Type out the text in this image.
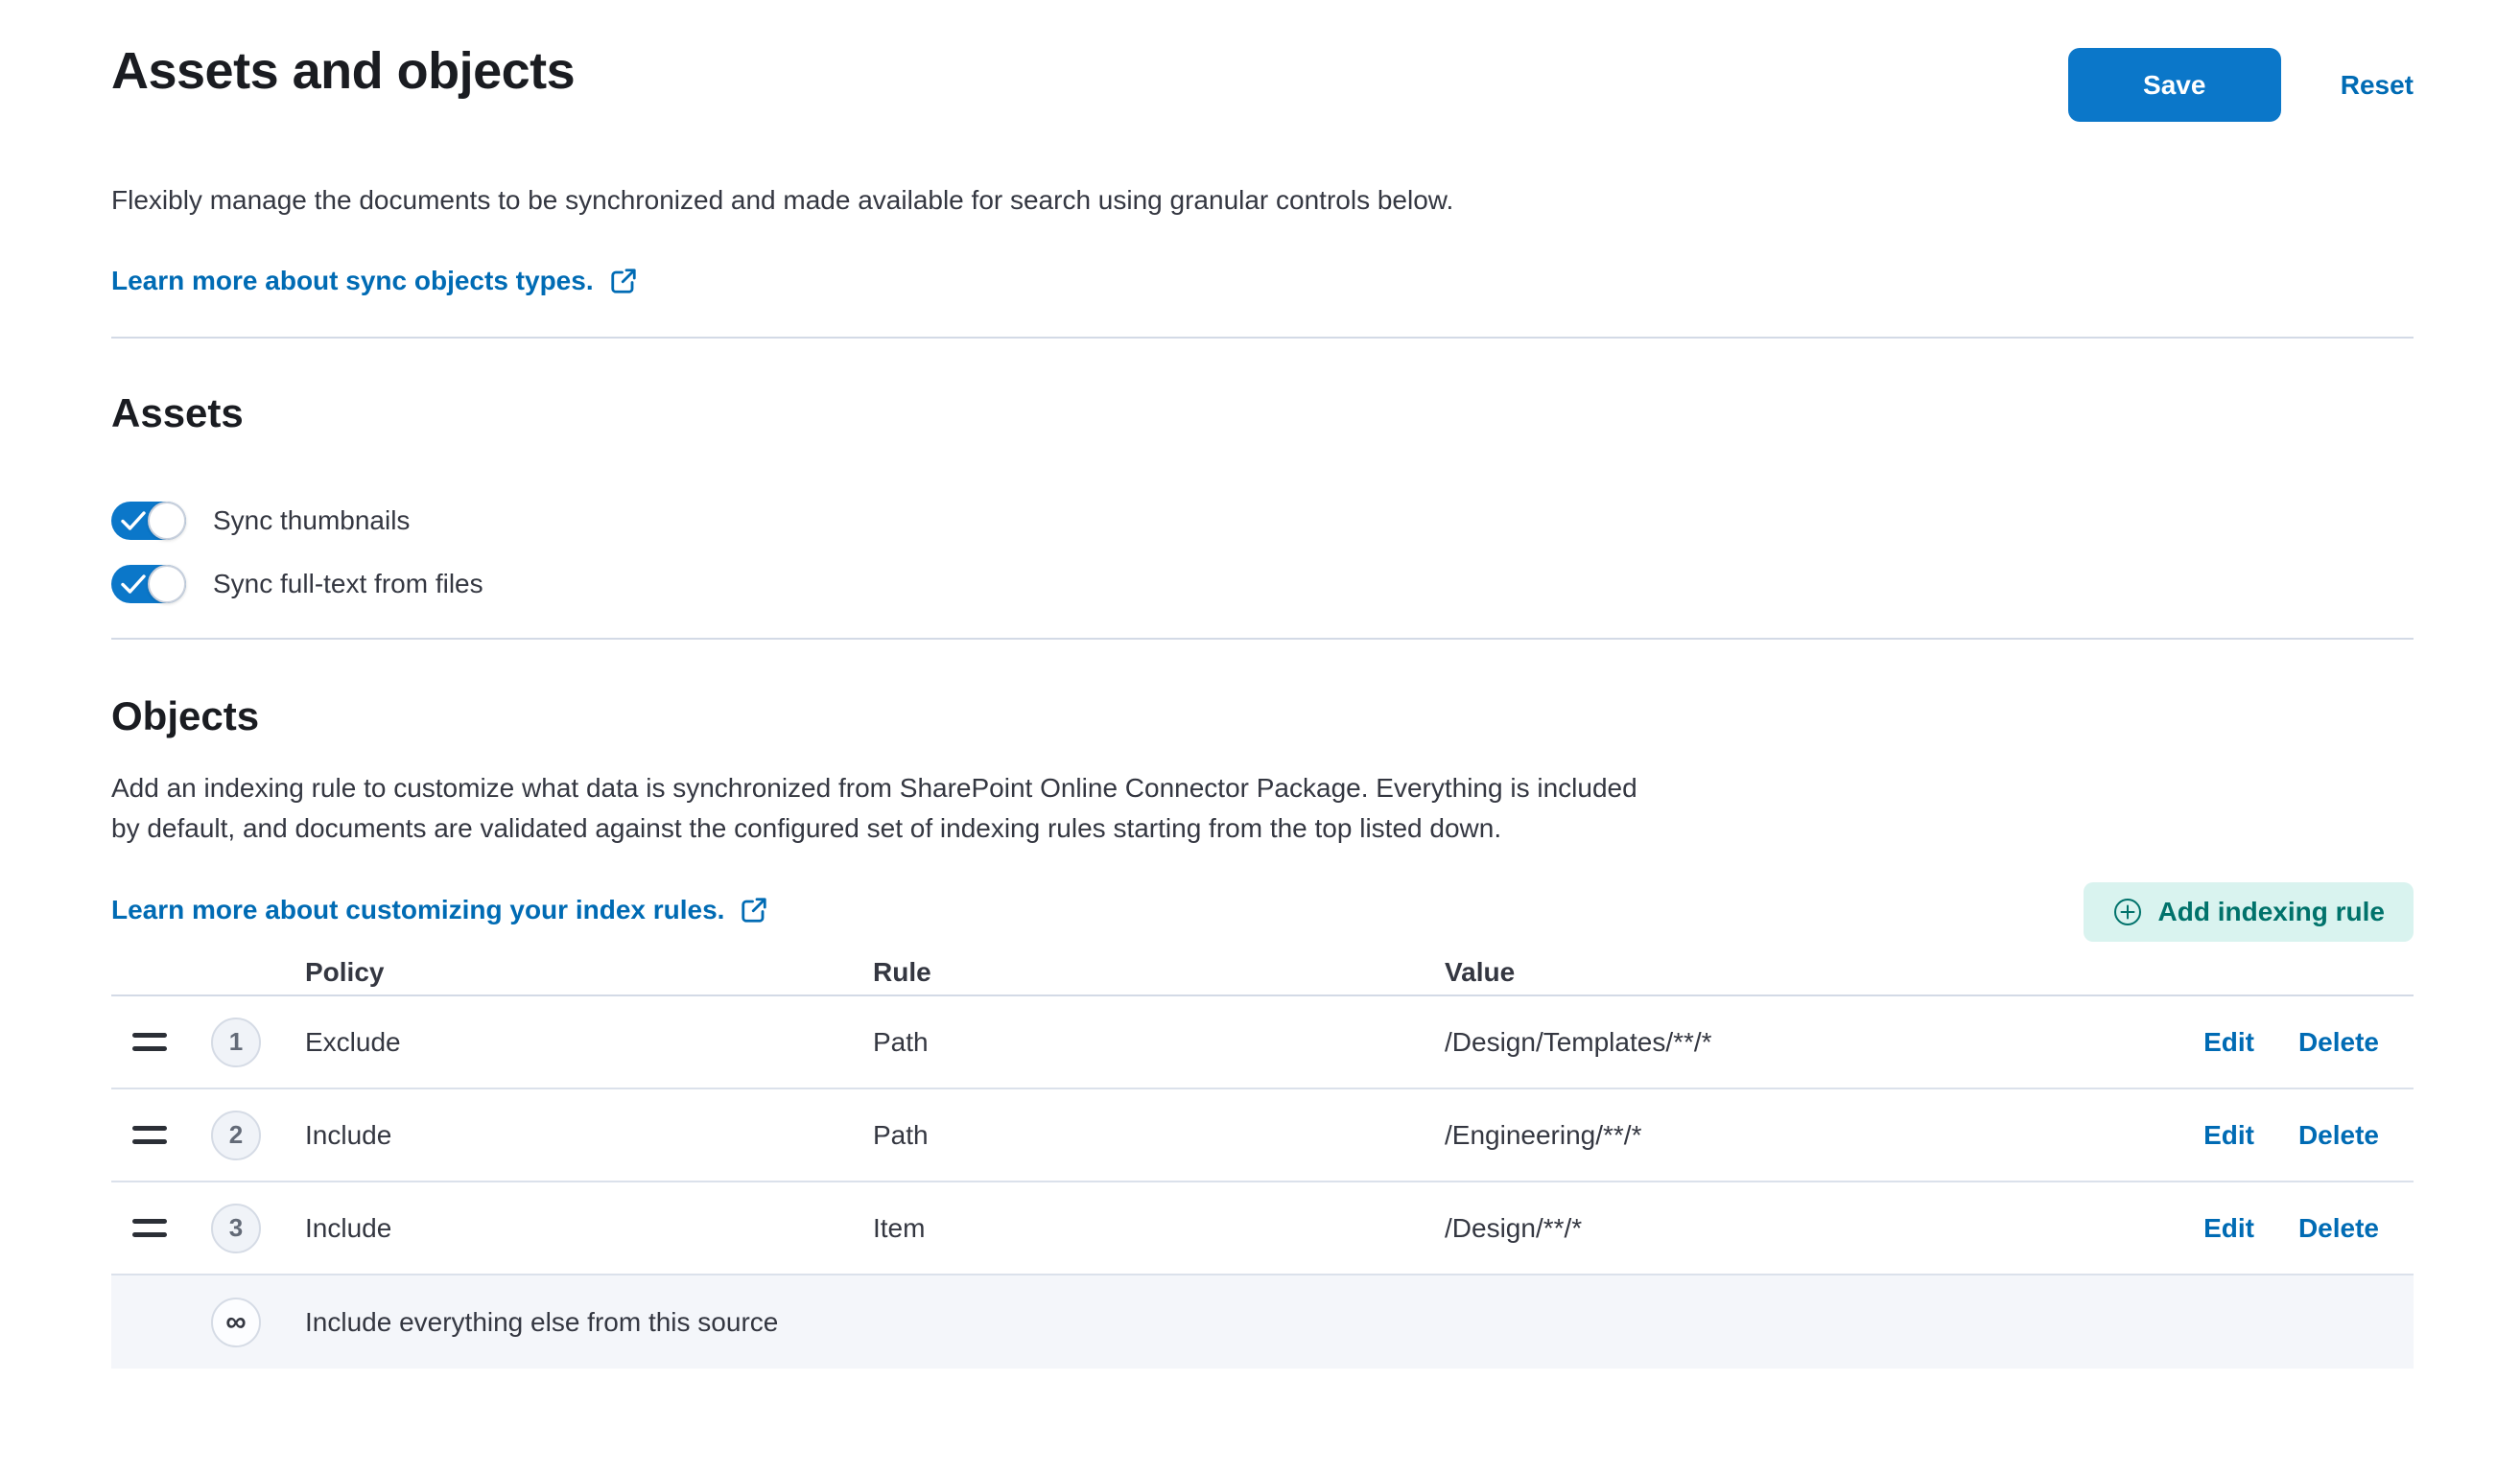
Assets and objects	Save	Reset

Flexibly manage the documents to be synchronized and made available for search using granular controls below.

Learn more about sync objects types.
Assets
Sync thumbnails
Sync full-text from files
Objects

Add an indexing rule to customize what data is synchronized from SharePoint Online Connector Package. Everything is included by default, and documents are validated against the configured set of indexing rules starting from the top listed down.

Add indexing rule
Learn more about customizing your index rules.
Policy	Rule	Value
1	Exclude	Path	/Design/Templates/**/*	Edit Delete
2	Include	Path	/Engineering/**/*	Edit Delete
3	Include	Item	/Design/**/*	Edit Delete
∞	Include everything else from this source
